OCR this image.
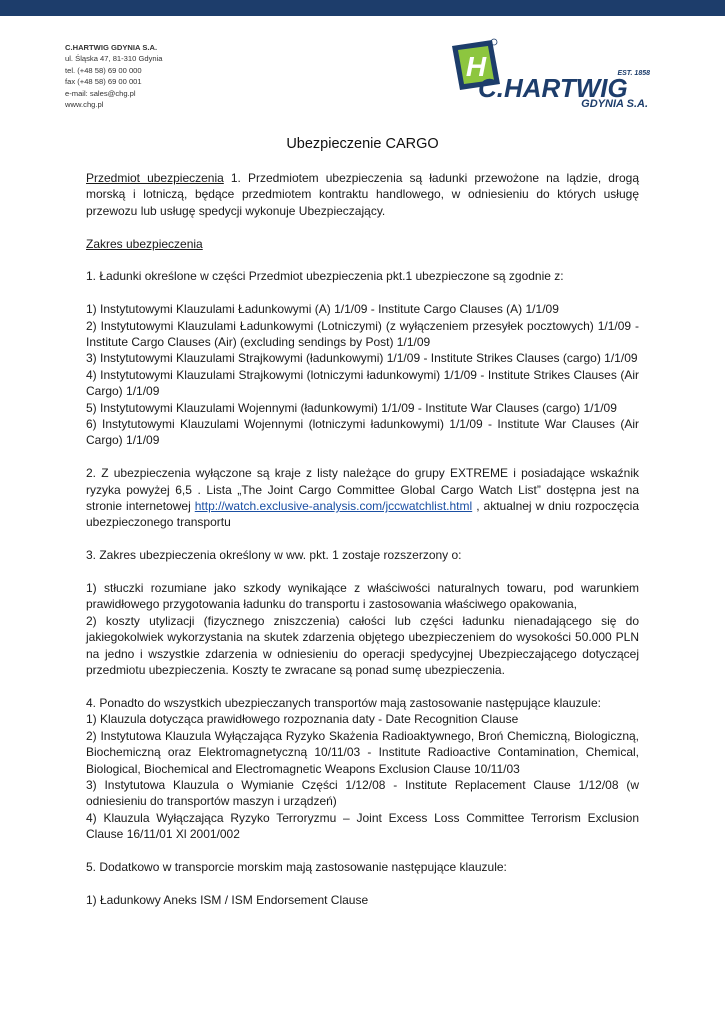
C.HARTWIG GDYNIA S.A.
ul. Śląska 47, 81-310 Gdynia
tel. (+48 58) 69 00 000
fax (+48 58) 69 00 001
e-mail: sales@chg.pl
www.chg.pl
H	EST. 1858
C.HARTWIG
GDYNIA S.A.
Ubezpieczenie CARGO

Przedmiot ubezpieczenia 1. Przedmiotem ubezpieczenia są ładunki przewożone na lądzie, drogą morską i lotniczą, będące przedmiotem kontraktu handlowego, w odniesieniu do których usługę przewozu lub usługę spedycji wykonuje Ubezpieczający.

Zakres ubezpieczenia

1. Ładunki określone w części Przedmiot ubezpieczenia pkt.1 ubezpieczone są zgodnie z:

1) Instytutowymi Klauzulami Ładunkowymi (A) 1/1/09 - Institute Cargo Clauses (A) 1/1/09

2) Instytutowymi Klauzulami Ładunkowymi (Lotniczymi) (z wyłączeniem przesyłek pocztowych) 1/1/09 - Institute Cargo Clauses (Air) (excluding sendings by Post) 1/1/09

3) Instytutowymi Klauzulami Strajkowymi (ładunkowymi) 1/1/09 - Institute Strikes Clauses (cargo) 1/1/09

4) Instytutowymi Klauzulami Strajkowymi (lotniczymi ładunkowymi) 1/1/09 - Institute Strikes Clauses (Air Cargo) 1/1/09

5) Instytutowymi Klauzulami Wojennymi (ładunkowymi) 1/1/09 - Institute War Clauses (cargo) 1/1/09

6) Instytutowymi Klauzulami Wojennymi (lotniczymi ładunkowymi) 1/1/09 - Institute War Clauses (Air Cargo) 1/1/09

2. Z ubezpieczenia wyłączone są kraje z listy należące do grupy EXTREME i posiadające wskaźnik ryzyka powyżej 6,5 . Lista „The Joint Cargo Committee Global Cargo Watch List” dostępna jest na stronie internetowej http://watch.exclusive-analysis.com/jccwatchlist.html , aktualnej w dniu rozpoczęcia ubezpieczonego transportu

3. Zakres ubezpieczenia określony w ww. pkt. 1 zostaje rozszerzony o:

1) stłuczki rozumiane jako szkody wynikające z właściwości naturalnych towaru, pod warunkiem prawidłowego przygotowania ładunku do transportu i zastosowania właściwego opakowania,

2) koszty utylizacji (fizycznego zniszczenia) całości lub części ładunku nienadającego się do jakiegokolwiek wykorzystania na skutek zdarzenia objętego ubezpieczeniem do wysokości 50.000 PLN na jedno i wszystkie zdarzenia w odniesieniu do operacji spedycyjnej Ubezpieczającego dotyczącej przedmiotu ubezpieczenia. Koszty te zwracane są ponad sumę ubezpieczenia.

4. Ponadto do wszystkich ubezpieczanych transportów mają zastosowanie następujące klauzule:

1) Klauzula dotycząca prawidłowego rozpoznania daty - Date Recognition Clause

2) Instytutowa Klauzula Wyłączająca Ryzyko Skażenia Radioaktywnego, Broń Chemiczną, Biologiczną, Biochemiczną oraz Elektromagnetyczną 10/11/03 - Institute Radioactive Contamination, Chemical, Biological, Biochemical and Electromagnetic Weapons Exclusion Clause 10/11/03

3) Instytutowa Klauzula o Wymianie Części 1/12/08 - Institute Replacement Clause 1/12/08 (w odniesieniu do transportów maszyn i urządzeń)

4) Klauzula Wyłączająca Ryzyko Terroryzmu – Joint Excess Loss Committee Terrorism Exclusion Clause 16/11/01 Xl 2001/002

5. Dodatkowo w transporcie morskim mają zastosowanie następujące klauzule:

1) Ładunkowy Aneks ISM / ISM Endorsement Clause
